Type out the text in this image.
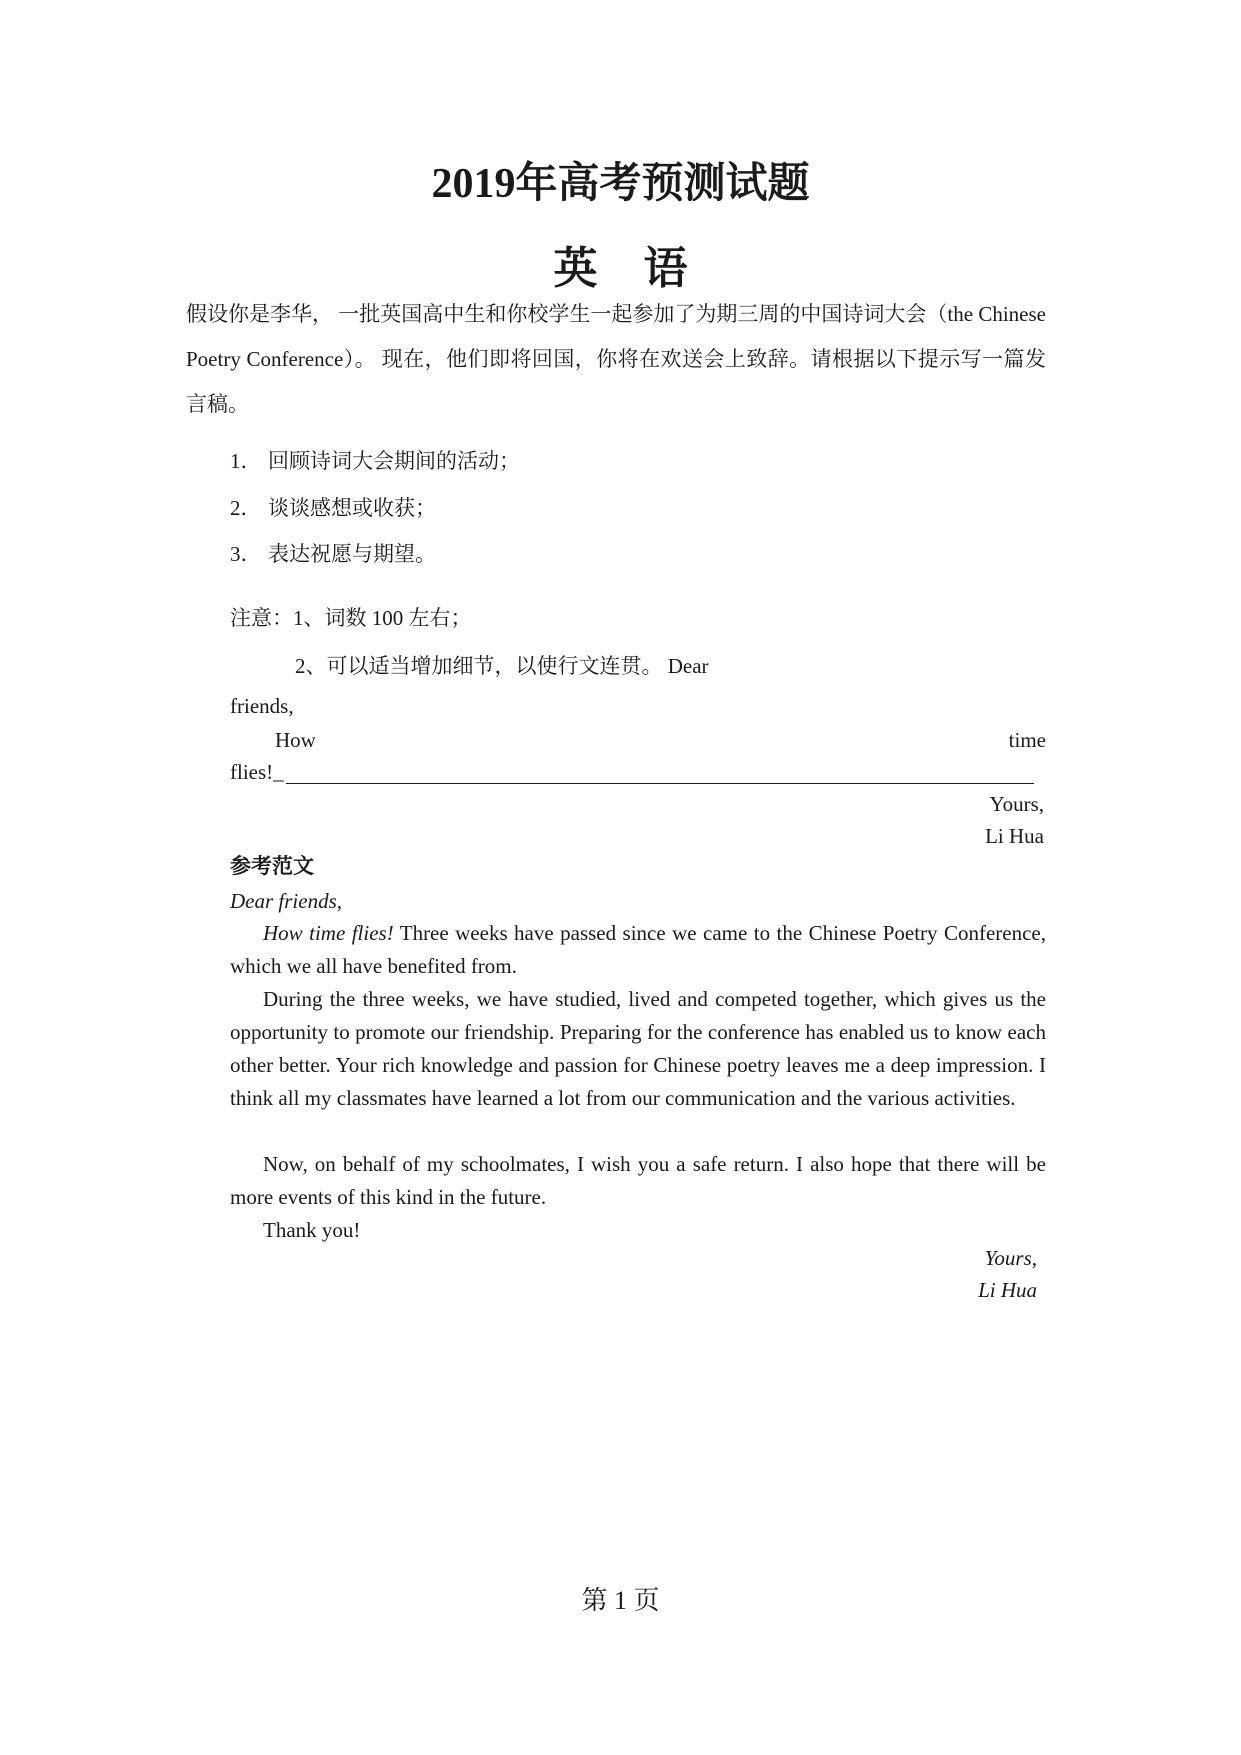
2019年高考预测试题
英语
假设你是李华， 一批英国高中生和你校学生一起参加了为期三周的中国诗词大会（the Chinese Poetry Conference）。 现在，他们即将回国，你将在欢送会上致辞。请根据以下提示写一篇发言稿。
1． 回顾诗词大会期间的活动；
2． 谈谈感想或收获；
3． 表达祝愿与期望。
注意：1、词数 100 左右；
2、可以适当增加细节，以使行文连贯。 Dear
friends,
How	time
flies!_
Yours,
Li Hua
参考范文
Dear friends,
How time flies! Three weeks have passed since we came to the Chinese Poetry Conference, which we all have benefited from.
During the three weeks, we have studied, lived and competed together, which gives us the opportunity to promote our friendship. Preparing for the conference has enabled us to know each other better. Your rich knowledge and passion for Chinese poetry leaves me a deep impression. I think all my classmates have learned a lot from our communication and the various activities.
Now, on behalf of my schoolmates, I wish you a safe return. I also hope that there will be more events of this kind in the future.
Thank you!
Yours,
Li Hua
第 1 页
